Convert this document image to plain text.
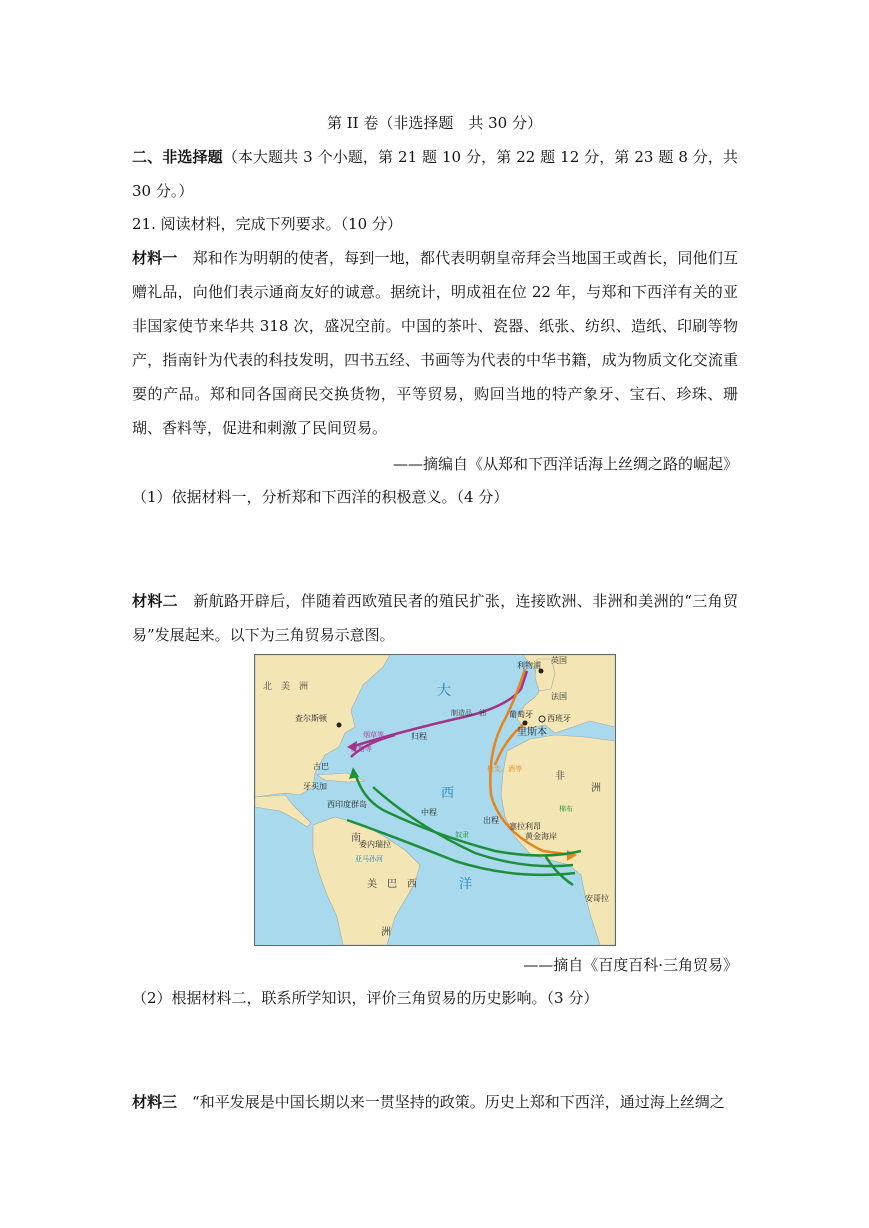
第 II 卷（非选择题　共 30 分）
二、非选择题（本大题共 3 个小题，第 21 题 10 分，第 22 题 12 分，第 23 题 8 分，共 30 分。）
21. 阅读材料，完成下列要求。（10 分）
材料一　 郑和作为明朝的使者，每到一地，都代表明朝皇帝拜会当地国王或酋长，同他们互赠礼品，向他们表示通商友好的诚意。据统计，明成祖在位 22 年，与郑和下西洋有关的亚非国家使节来华共 318 次，盛况空前。中国的茶叶、瓷器、纸张、纺织、造纸、印刷等物产，指南针为代表的科技发明，四书五经、书画等为代表的中华书籍，成为物质文化交流重要的产品。郑和同各国商民交换货物，平等贸易，购回当地的特产象牙、宝石、珍珠、珊瑚、香料等，促进和刺激了民间贸易。
——摘编自《从郑和下西洋话海上丝绸之路的崛起》
（1）依据材料一，分析郑和下西洋的积极意义。（4 分）
材料二　 新航路开辟后，伴随着西欧殖民者的殖民扩张，连接欧洲、非洲和美洲的“三角贸易”发展起来。以下为三角贸易示意图。
北　美　洲	大
西
洋
南
美　巴　西
洲
非
洲
英国
利物浦
法国
葡萄牙 西班牙
里斯本
查尔斯顿
古巴
牙买加
西印度群岛
委内瑞拉
塞拉利昂
黄金海岸
安哥拉
归程
中程
出程
烟草等
蔗糖等
制造品、油
枪支、酒等
奴隶
棉布
亚马孙河
——摘自《百度百科·三角贸易》
（2）根据材料二，联系所学知识，评价三角贸易的历史影响。（3 分）
材料三　 “和平发展是中国长期以来一贯坚持的政策。历史上郑和下西洋，通过海上丝绸之
